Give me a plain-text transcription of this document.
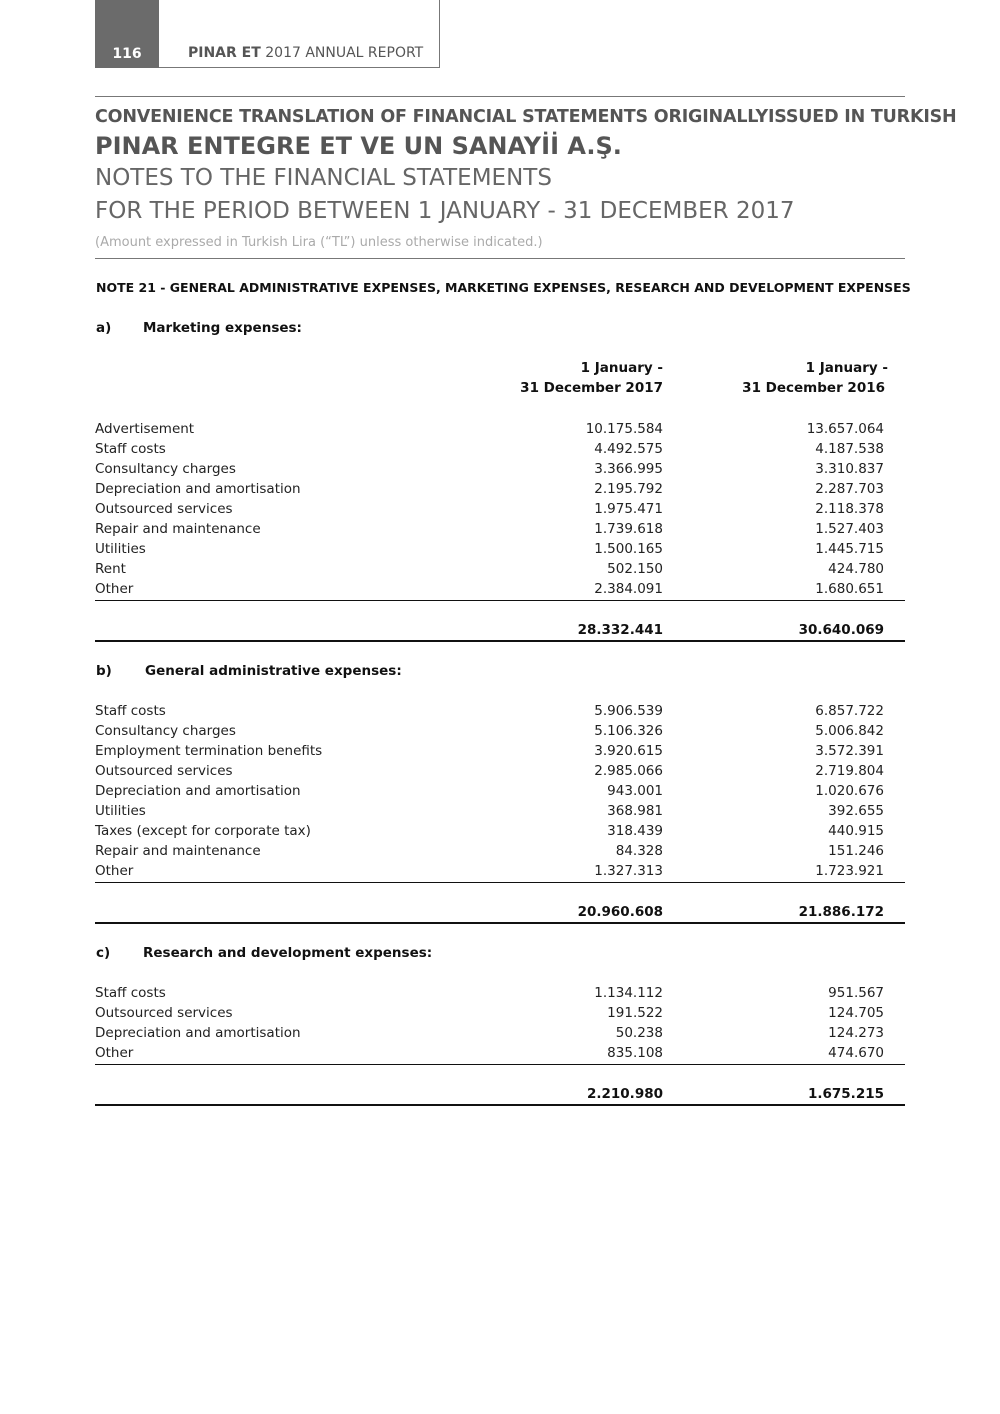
116	PINAR ET 2017 ANNUAL REPORT
CONVENIENCE TRANSLATION OF FINANCIAL STATEMENTS ORIGINALLYISSUED IN TURKISH
PINAR ENTEGRE ET VE UN SANAYİİ A.Ş.
NOTES TO THE FINANCIAL STATEMENTS
FOR THE PERIOD BETWEEN 1 JANUARY - 31 DECEMBER 2017
(Amount expressed in Turkish Lira (“TL”) unless otherwise indicated.)
NOTE 21 - GENERAL ADMINISTRATIVE EXPENSES, MARKETING EXPENSES, RESEARCH AND DEVELOPMENT EXPENSES
a) Marketing expenses:
1 January -
31 December 2017
1 January -
31 December 2016
Advertisement	10.175.584	13.657.064
Staff costs	4.492.575	4.187.538
Consultancy charges	3.366.995	3.310.837
Depreciation and amortisation	2.195.792	2.287.703
Outsourced services	1.975.471	2.118.378
Repair and maintenance	1.739.618	1.527.403
Utilities	1.500.165	1.445.715
Rent	502.150	424.780
Other	2.384.091	1.680.651
28.332.441	30.640.069
b) General administrative expenses:
Staff costs	5.906.539	6.857.722
Consultancy charges	5.106.326	5.006.842
Employment termination benefits	3.920.615	3.572.391
Outsourced services	2.985.066	2.719.804
Depreciation and amortisation	943.001	1.020.676
Utilities	368.981	392.655
Taxes (except for corporate tax)	318.439	440.915
Repair and maintenance	84.328	151.246
Other	1.327.313	1.723.921
20.960.608	21.886.172
c) Research and development expenses:
Staff costs	1.134.112	951.567
Outsourced services	191.522	124.705
Depreciation and amortisation	50.238	124.273
Other	835.108	474.670
2.210.980	1.675.215
